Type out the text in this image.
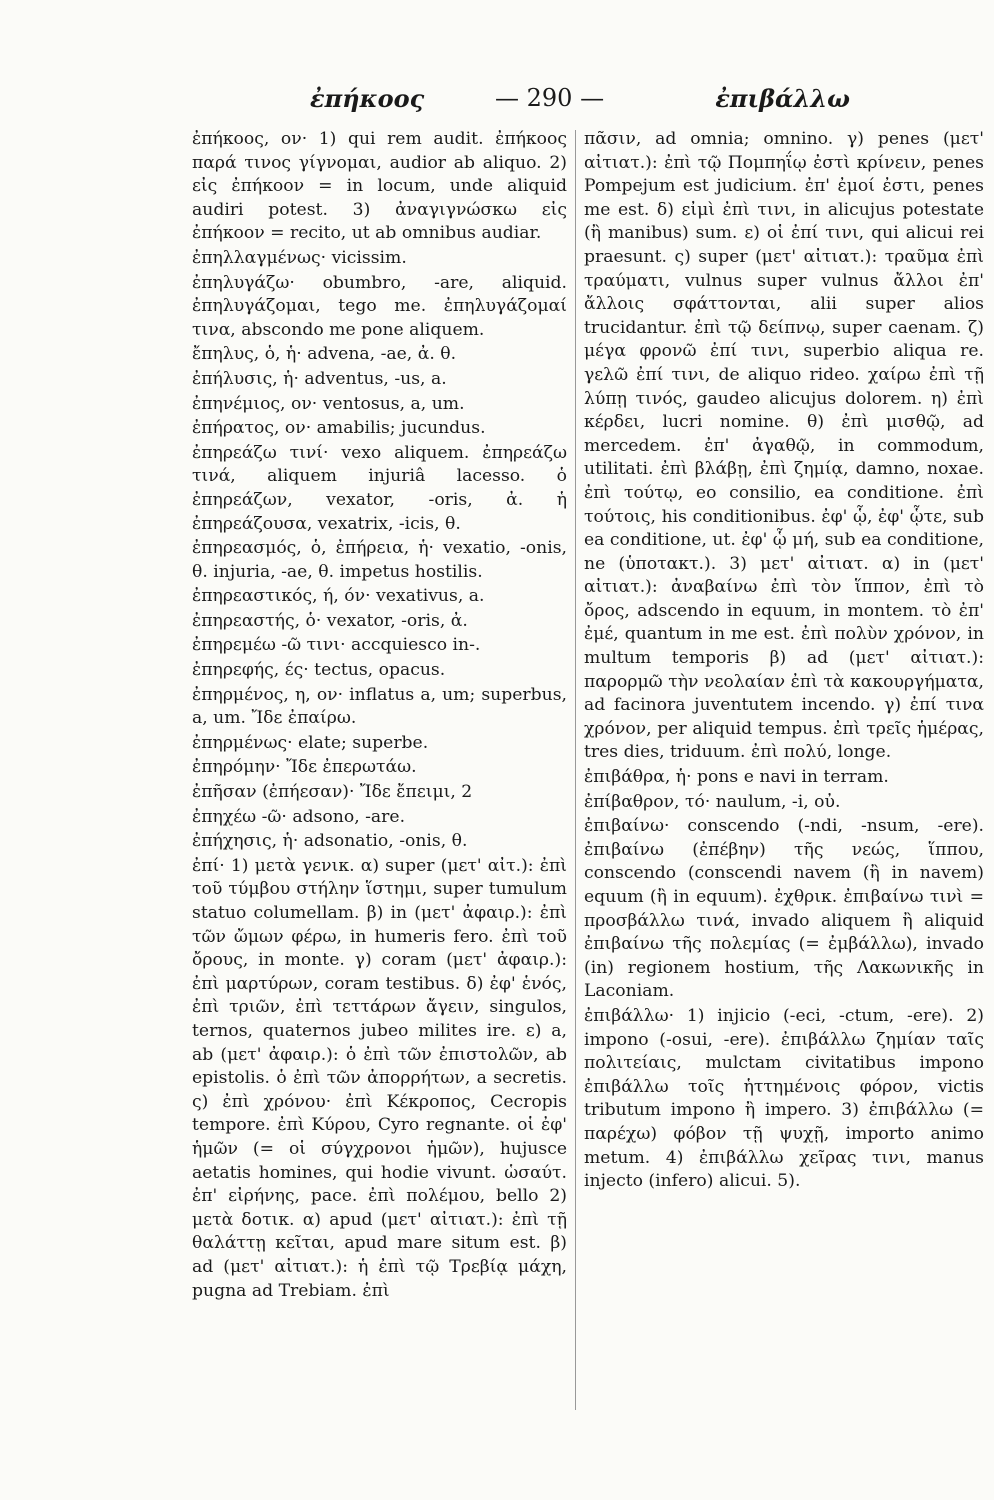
ἐπήκοος	— 290 —	ἐπιβάλλω

ἐπήκοος, ον· 1) qui rem audit. ἐπήκοος παρά τινος γίγνομαι, audior ab aliquo. 2) εἰς ἐπήκοον = in locum, unde aliquid audiri potest. 3) ἀναγιγνώσκω εἰς ἐπήκοον = recito, ut ab omnibus audiar.

ἐπηλλαγμένως· vicissim.

ἐπηλυγάζω· obumbro, -are, aliquid. ἐπηλυγάζομαι, tego me. ἐπηλυγάζομαί τινα, abscondo me pone aliquem.

ἔπηλυς, ὁ, ἡ· advena, -ae, ἀ. θ.

ἐπήλυσις, ἡ· adventus, -us, a.

ἐπηνέμιος, ον· ventosus, a, um.

ἐπήρατος, ον· amabilis; jucundus.

ἐπηρεάζω τινί· vexo aliquem. ἐπηρεάζω τινά, aliquem injuriâ lacesso. ὁ ἐπηρεάζων, vexator, -oris, ἀ. ἡ ἐπηρεάζουσα, vexatrix, -icis, θ.

ἐπηρεασμός, ὁ, ἐπήρεια, ἡ· vexatio, -onis, θ. injuria, -ae, θ. impetus hostilis.

ἐπηρεαστικός, ή, όν· vexativus, a.

ἐπηρεαστής, ὁ· vexator, -oris, ἀ.

ἐπηρεμέω -ῶ τινι· accquiesco in-.

ἐπηρεφής, ές· tectus, opacus.

ἐπηρμένος, η, ον· inflatus a, um; superbus, a, um. Ἴδε ἐπαίρω.

ἐπηρμένως· elate; superbe.

ἐπηρόμην· Ἴδε ἐπερωτάω.

ἐπῆσαν (ἐπήεσαν)· Ἴδε ἔπειμι, 2

ἐπηχέω -ῶ· adsono, -are.

ἐπήχησις, ἡ· adsonatio, -onis, θ.

ἐπί· 1) μετὰ γενικ. α) super (μετ' αἰτ.): ἐπὶ τοῦ τύμβου στήλην ἵστημι, super tumulum statuo columellam. β) in (μετ' ἀφαιρ.): ἐπὶ τῶν ὤμων φέρω, in humeris fero. ἐπὶ τοῦ ὄρους, in monte. γ) coram (μετ' ἀφαιρ.): ἐπὶ μαρτύρων, coram testibus. δ) ἐφ' ἑνός, ἐπὶ τριῶν, ἐπὶ τεττάρων ἄγειν, singulos, ternos, quaternos jubeo milites ire. ε) a, ab (μετ' ἀφαιρ.): ὁ ἐπὶ τῶν ἐπιστολῶν, ab epistolis. ὁ ἐπὶ τῶν ἀπορρήτων, a secretis. ς) ἐπὶ χρόνου· ἐπὶ Κέκροπος, Cecropis tempore. ἐπὶ Κύρου, Cyro regnante. οἱ ἐφ' ἡμῶν (= οἱ σύγχρονοι ἡμῶν), hujusce aetatis homines, qui hodie vivunt. ὡσαύτ. ἐπ' εἰρήνης, pace. ἐπὶ πολέμου, bello 2) μετὰ δοτικ. α) apud (μετ' αἰτιατ.): ἐπὶ τῇ θαλάττῃ κεῖται, apud mare situm est. β) ad (μετ' αἰτιατ.): ἡ ἐπὶ τῷ Τρεβίᾳ μάχη, pugna ad Trebiam. ἐπὶ

πᾶσιν, ad omnia; omnino. γ) penes (μετ' αἰτιατ.): ἐπὶ τῷ Πομπηΐῳ ἐστὶ κρίνειν, penes Pompejum est judicium. ἐπ' ἐμοί ἐστι, penes me est. δ) εἰμὶ ἐπὶ τινι, in alicujus potestate (ἢ manibus) sum. ε) οἱ ἐπί τινι, qui alicui rei praesunt. ς) super (μετ' αἰτιατ.): τραῦμα ἐπὶ τραύματι, vulnus super vulnus ἄλλοι ἐπ' ἄλλοις σφάττονται, alii super alios trucidantur. ἐπὶ τῷ δείπνῳ, super caenam. ζ) μέγα φρονῶ ἐπί τινι, superbio aliqua re. γελῶ ἐπί τινι, de aliquo rideo. χαίρω ἐπὶ τῇ λύπῃ τινός, gaudeo alicujus dolorem. η) ἐπὶ κέρδει, lucri nomine. θ) ἐπὶ μισθῷ, ad mercedem. ἐπ' ἀγαθῷ, in commodum, utilitati. ἐπὶ βλάβῃ, ἐπὶ ζημίᾳ, damno, noxae. ἐπὶ τούτῳ, eo consilio, ea conditione. ἐπὶ τούτοις, his conditionibus. ἐφ' ᾧ, ἐφ' ᾧτε, sub ea conditione, ut. ἐφ' ᾧ μή, sub ea conditione, ne (ὑποτακτ.). 3) μετ' αἰτιατ. α) in (μετ' αἰτιατ.): ἀναβαίνω ἐπὶ τὸν ἵππον, ἐπὶ τὸ ὄρος, adscendo in equum, in montem. τὸ ἐπ' ἐμέ, quantum in me est. ἐπὶ πολὺν χρόνον, in multum temporis β) ad (μετ' αἰτιατ.): παρορμῶ τὴν νεολαίαν ἐπὶ τὰ κακουργήματα, ad facinora juventutem incendo. γ) ἐπί τινα χρόνον, per aliquid tempus. ἐπὶ τρεῖς ἡμέρας, tres dies, triduum. ἐπὶ πολύ, longe.

ἐπιβάθρα, ἡ· pons e navi in terram.

ἐπίβαθρον, τό· naulum, -i, οὐ.

ἐπιβαίνω· conscendo (-ndi, -nsum, -ere). ἐπιβαίνω (ἐπέβην) τῆς νεώς, ἵππου, conscendo (conscendi navem (ἢ in navem) equum (ἢ in equum). ἐχθρικ. ἐπιβαίνω τινὶ = προσβάλλω τινά, invado aliquem ἢ aliquid ἐπιβαίνω τῆς πολεμίας (= ἐμβάλλω), invado (in) regionem hostium, τῆς Λακωνικῆς in Laconiam.

ἐπιβάλλω· 1) injicio (-eci, -ctum, -ere). 2) impono (-osui, -ere). ἐπιβάλλω ζημίαν ταῖς πολιτείαις, mulctam civitatibus impono ἐπιβάλλω τοῖς ἡττημένοις φόρον, victis tributum impono ἢ impero. 3) ἐπιβάλλω (= παρέχω) φόβον τῇ ψυχῇ, importo animo metum. 4) ἐπιβάλλω χεῖρας τινι, manus injecto (infero) alicui. 5).
